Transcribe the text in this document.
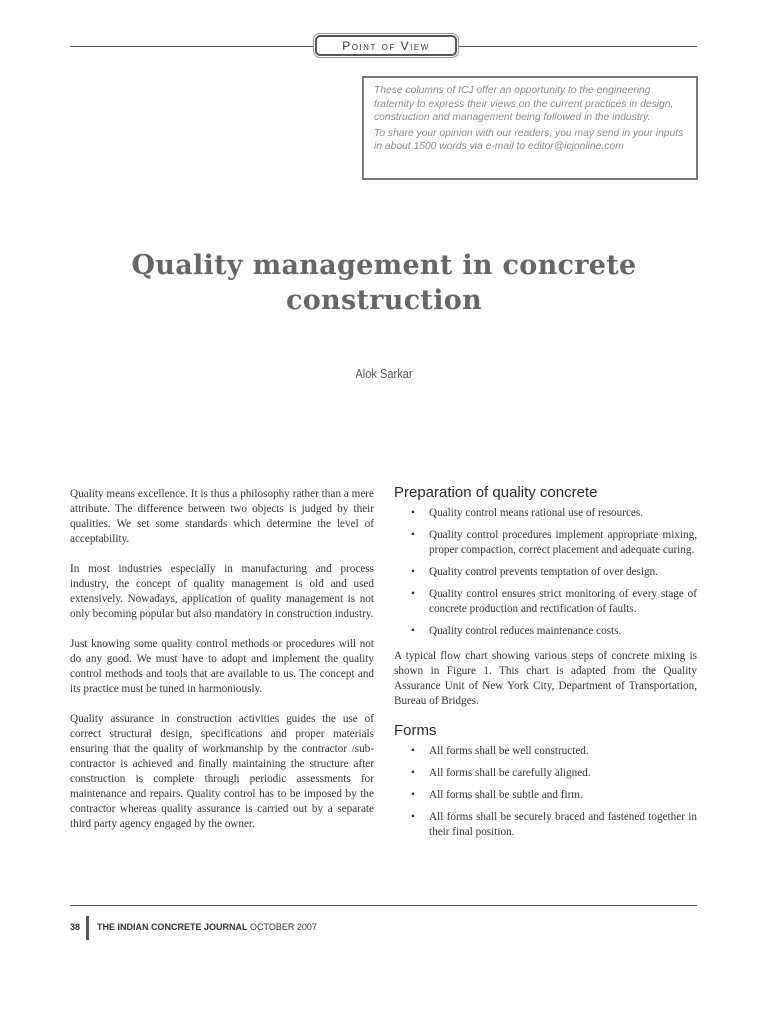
Point of View

These columns of ICJ offer an opportunity to the engineering fraternity to express their views on the current practices in design, construction and management being followed in the industry.

To share your opinion with our readers, you may send in your inputs in about 1500 words via e-mail to editor@icjonline.com

Quality management in concrete
construction
Alok Sarkar

Quality means excellence. It is thus a philosophy rather than a mere attribute. The difference between two objects is judged by their qualities. We set some standards which determine the level of acceptability.

In most industries especially in manufacturing and process industry, the concept of quality management is old and used extensively. Nowadays, application of quality management is not only becoming popular but also mandatory in construction industry.

Just knowing some quality control methods or procedures will not do any good. We must have to adopt and implement the quality control methods and tools that are available to us. The concept and its practice must be tuned in harmoniously.

Quality assurance in construction activities guides the use of correct structural design, specifications and proper materials ensuring that the quality of workmanship by the contractor /sub-contractor is achieved and finally maintaining the structure after construction is complete through periodic assessments for maintenance and repairs. Quality control has to be imposed by the contractor whereas quality assurance is carried out by a separate third party agency engaged by the owner.

Preparation of quality concrete
• Quality control means rational use of resources.
• Quality control procedures implement appropriate mixing, proper compaction, correct placement and adequate curing.
• Quality control prevents temptation of over design.
• Quality control ensures strict monitoring of every stage of concrete production and rectification of faults.
• Quality control reduces maintenance costs.

A typical flow chart showing various steps of concrete mixing is shown in Figure 1. This chart is adapted from the Quality Assurance Unit of New York City, Department of Transportation, Bureau of Bridges.

Forms
• All forms shall be well constructed.
• All forms shall be carefully aligned.
• All forms shall be subtle and firm.
• All forms shall be securely braced and fastened together in their final position.
38 THE INDIAN CONCRETE JOURNAL OCTOBER 2007
